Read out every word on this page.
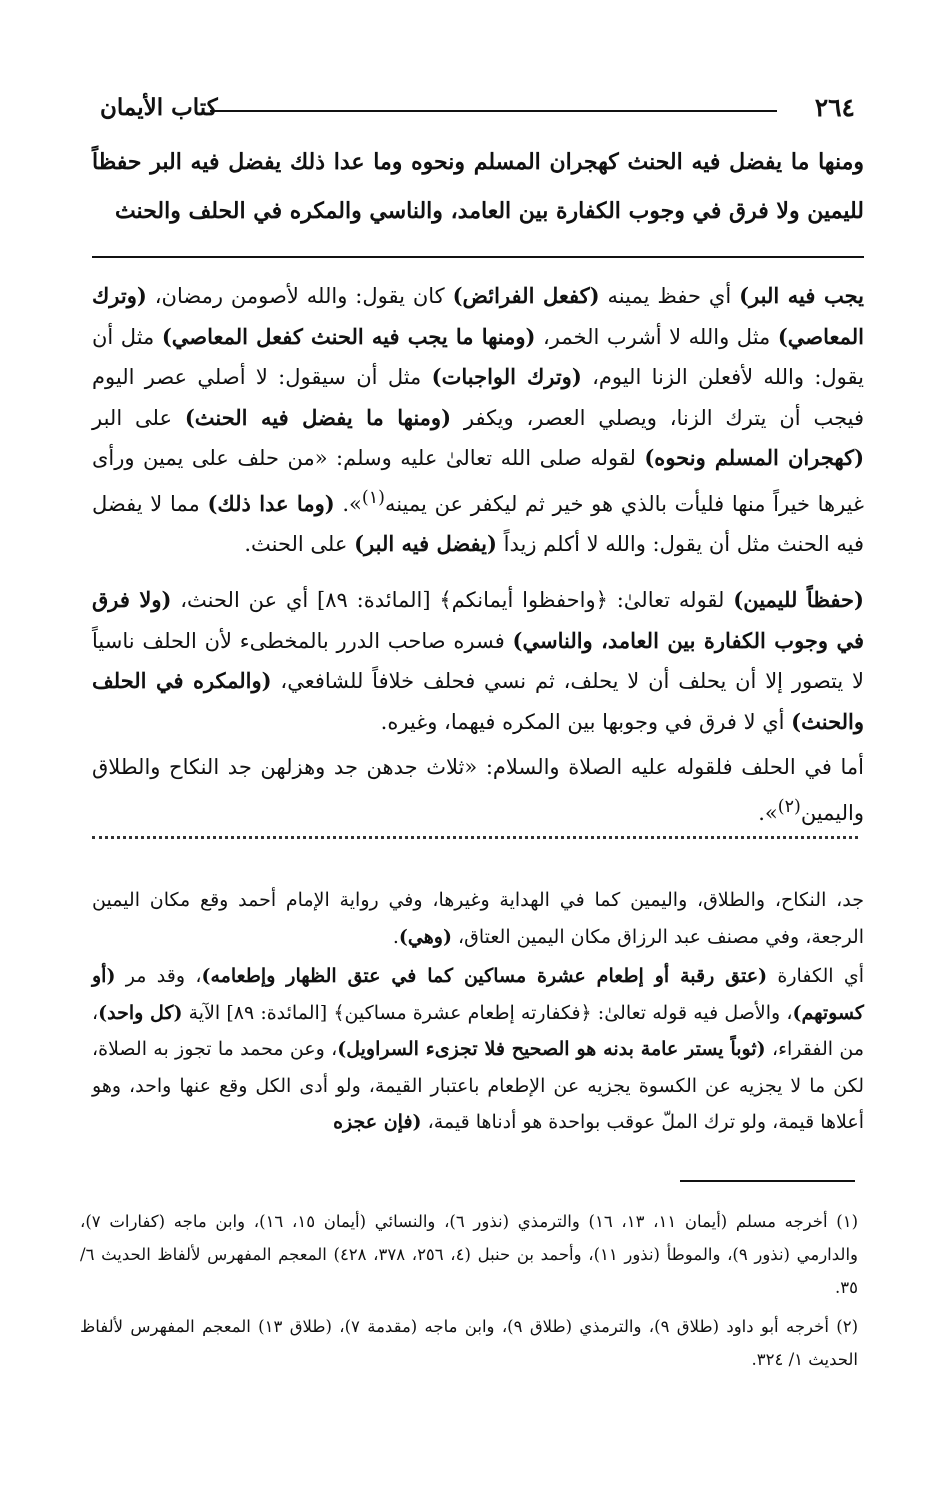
٢٦٤
كتاب الأيمان

ومنها ما يفضل فيه الحنث كهجران المسلم ونحوه وما عدا ذلك يفضل فيه البر حفظاً لليمين ولا فرق في وجوب الكفارة بين العامد، والناسي والمكره في الحلف والحنث

يجب فيه البر) أي حفظ يمينه (كفعل الفرائض) كان يقول: والله لأصومن رمضان، (وترك المعاصي) مثل والله لا أشرب الخمر، (ومنها ما يجب فيه الحنث كفعل المعاصي) مثل أن يقول: والله لأفعلن الزنا اليوم، (وترك الواجبات) مثل أن سيقول: لا أصلي عصر اليوم فيجب أن يترك الزنا، ويصلي العصر، ويكفر (ومنها ما يفضل فيه الحنث) على البر (كهجران المسلم ونحوه) لقوله صلى الله تعالىٰ عليه وسلم: «من حلف على يمين ورأى غيرها خيراً منها فليأت بالذي هو خير ثم ليكفر عن يمينه$^{(١)}$». (وما عدا ذلك) مما لا يفضل فيه الحنث مثل أن يقول: والله لا أكلم زيداً (يفضل فيه البر) على الحنث.

(حفظاً لليمين) لقوله تعالىٰ: ﴿واحفظوا أيمانكم﴾ [المائدة: ٨٩] أي عن الحنث، (ولا فرق في وجوب الكفارة بين العامد، والناسي) فسره صاحب الدرر بالمخطىء لأن الحلف ناسياً لا يتصور إلا أن يحلف أن لا يحلف، ثم نسي فحلف خلافاً للشافعي، (والمكره في الحلف والحنث) أي لا فرق في وجوبها بين المكره فيهما، وغيره.

أما في الحلف فلقوله عليه الصلاة والسلام: «ثلاث جدهن جد وهزلهن جد النكاح والطلاق واليمين$^{(٢)}$».

جد، النكاح، والطلاق، واليمين كما في الهداية وغيرها، وفي رواية الإمام أحمد وقع مكان اليمين الرجعة، وفي مصنف عبد الرزاق مكان اليمين العتاق، (وهي).

أي الكفارة (عتق رقبة أو إطعام عشرة مساكين كما في عتق الظهار وإطعامه)، وقد مر (أو كسوتهم)، والأصل فيه قوله تعالىٰ: ﴿فكفارته إطعام عشرة مساكين﴾ [المائدة: ٨٩] الآية (كل واحد)، من الفقراء، (ثوباً يستر عامة بدنه هو الصحيح فلا تجزىء السراويل)، وعن محمد ما تجوز به الصلاة، لكن ما لا يجزيه عن الكسوة يجزيه عن الإطعام باعتبار القيمة، ولو أدى الكل وقع عنها واحد، وهو أعلاها قيمة، ولو ترك الملّ عوقب بواحدة هو أدناها قيمة، (فإن عجزه

(١) أخرجه مسلم (أيمان ١١، ١٣، ١٦) والترمذي (نذور ٦)، والنسائي (أيمان ١٥، ١٦)، وابن ماجه (كفارات ٧)، والدارمي (نذور ٩)، والموطأ (نذور ١١)، وأحمد بن حنبل (٤، ٢٥٦، ٣٧٨، ٤٢٨) المعجم المفهرس لألفاظ الحديث ٦/ ٣٥.

(٢) أخرجه أبو داود (طلاق ٩)، والترمذي (طلاق ٩)، وابن ماجه (مقدمة ٧)، (طلاق ١٣) المعجم المفهرس لألفاظ الحديث ١/ ٣٢٤.
